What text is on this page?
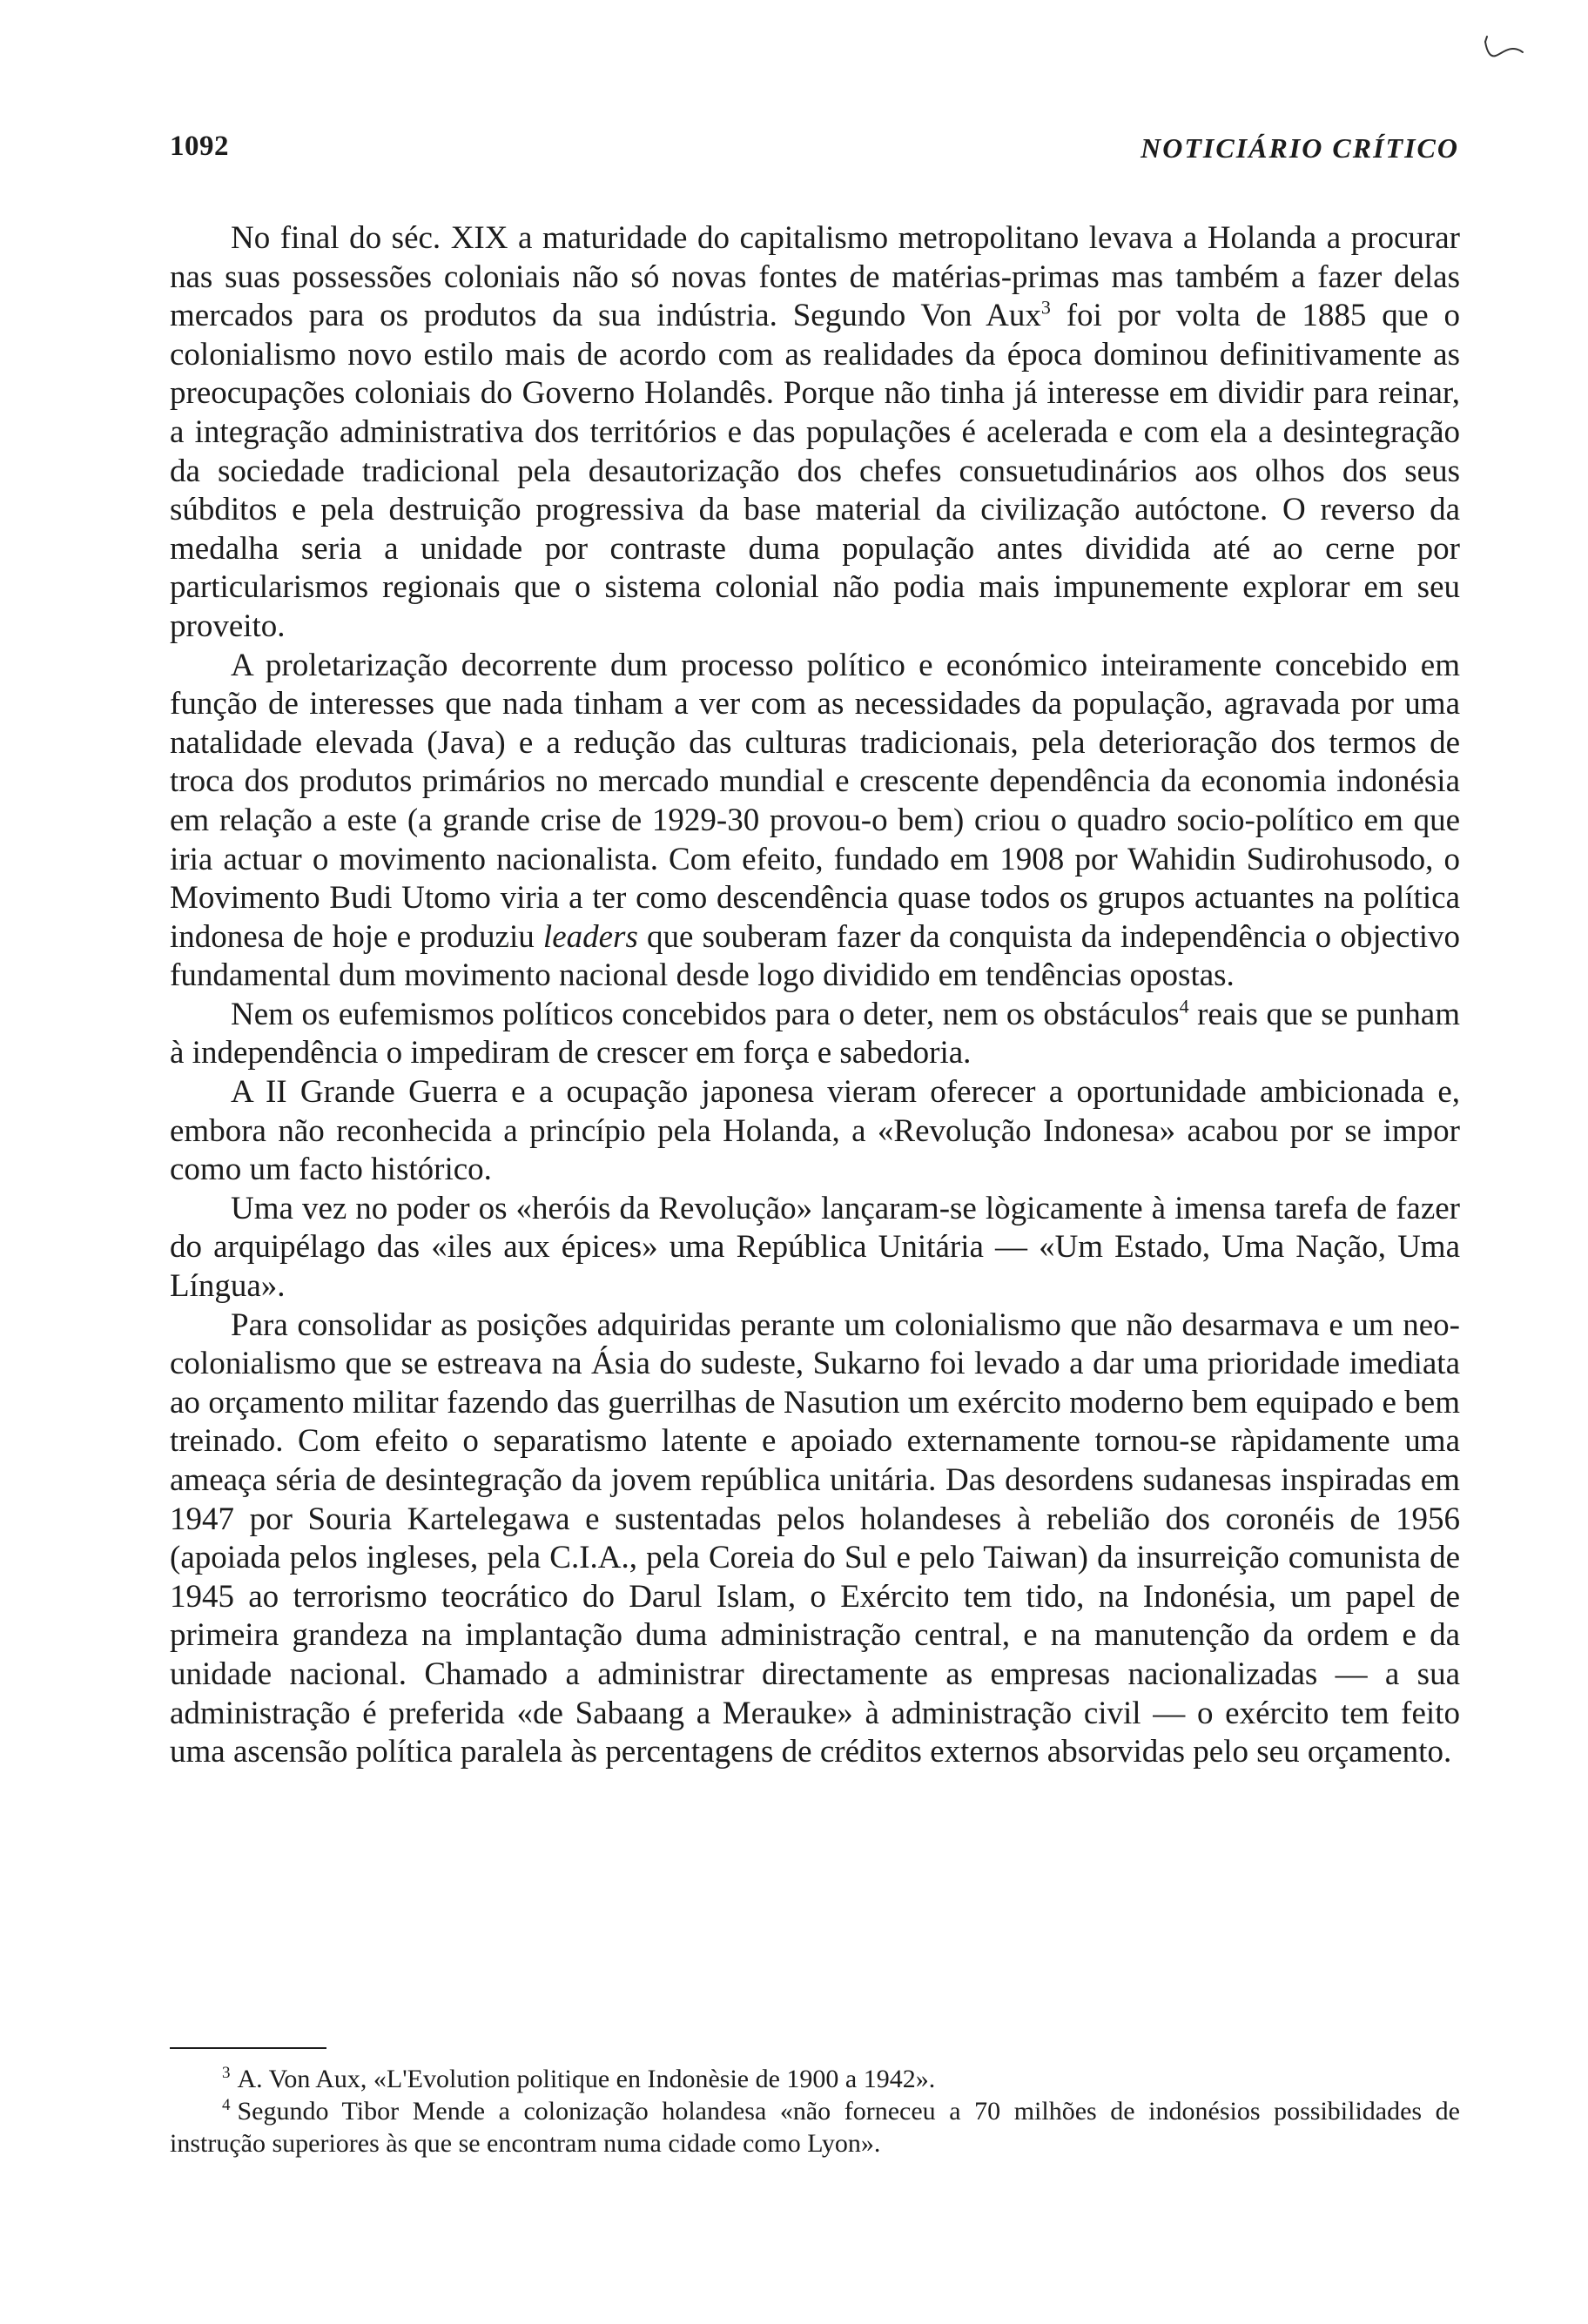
1092	NOTICIÁRIO CRÍTICO

No final do séc. XIX a maturidade do capitalismo metropolitano levava a Holanda a procurar nas suas possessões coloniais não só novas fontes de matérias-primas mas também a fazer delas mercados para os produtos da sua indústria. Segundo Von Aux$^3$ foi por volta de 1885 que o colonialismo novo estilo mais de acordo com as realidades da época dominou definitivamente as preocupações coloniais do Governo Holandês. Porque não tinha já interesse em dividir para reinar, a integração administrativa dos territórios e das populações é acelerada e com ela a desintegração da sociedade tradicional pela desautorização dos chefes consuetudinários aos olhos dos seus súbditos e pela destruição progressiva da base material da civilização autóctone. O reverso da medalha seria a unidade por contraste duma população antes dividida até ao cerne por particularismos regionais que o sistema colonial não podia mais impunemente explorar em seu proveito.

A proletarização decorrente dum processo político e económico inteiramente concebido em função de interesses que nada tinham a ver com as necessidades da população, agravada por uma natalidade elevada (Java) e a redução das culturas tradicionais, pela deterioração dos termos de troca dos produtos primários no mercado mundial e crescente dependência da economia indonésia em relação a este (a grande crise de 1929-30 provou-o bem) criou o quadro socio-político em que iria actuar o movimento nacionalista. Com efeito, fundado em 1908 por Wahidin Sudirohusodo, o Movimento Budi Utomo viria a ter como descendência quase todos os grupos actuantes na política indonesa de hoje e produziu leaders que souberam fazer da conquista da independência o objectivo fundamental dum movimento nacional desde logo dividido em tendências opostas.

Nem os eufemismos políticos concebidos para o deter, nem os obstáculos$^4$ reais que se punham à independência o impediram de crescer em força e sabedoria.

A II Grande Guerra e a ocupação japonesa vieram oferecer a oportunidade ambicionada e, embora não reconhecida a princípio pela Holanda, a «Revolução Indonesa» acabou por se impor como um facto histórico.

Uma vez no poder os «heróis da Revolução» lançaram-se lògicamente à imensa tarefa de fazer do arquipélago das «iles aux épices» uma República Unitária — «Um Estado, Uma Nação, Uma Língua».

Para consolidar as posições adquiridas perante um colonialismo que não desarmava e um neo-colonialismo que se estreava na Ásia do sudeste, Sukarno foi levado a dar uma prioridade imediata ao orçamento militar fazendo das guerrilhas de Nasution um exército moderno bem equipado e bem treinado. Com efeito o separatismo latente e apoiado externamente tornou-se ràpidamente uma ameaça séria de desintegração da jovem república unitária. Das desordens sudanesas inspiradas em 1947 por Souria Kartelegawa e sustentadas pelos holandeses à rebelião dos coronéis de 1956 (apoiada pelos ingleses, pela C.I.A., pela Coreia do Sul e pelo Taiwan) da insurreição comunista de 1945 ao terrorismo teocrático do Darul Islam, o Exército tem tido, na Indonésia, um papel de primeira grandeza na implantação duma administração central, e na manutenção da ordem e da unidade nacional. Chamado a administrar directamente as empresas nacionalizadas — a sua administração é preferida «de Sabaang a Merauke» à administração civil — o exército tem feito uma ascensão política paralela às percentagens de créditos externos absorvidas pelo seu orçamento.

$^3$ A. Von Aux, «L'Evolution politique en Indonèsie de 1900 a 1942».

$^4$ Segundo Tibor Mende a colonização holandesa «não forneceu a 70 milhões de indonésios possibilidades de instrução superiores às que se encontram numa cidade como Lyon».
